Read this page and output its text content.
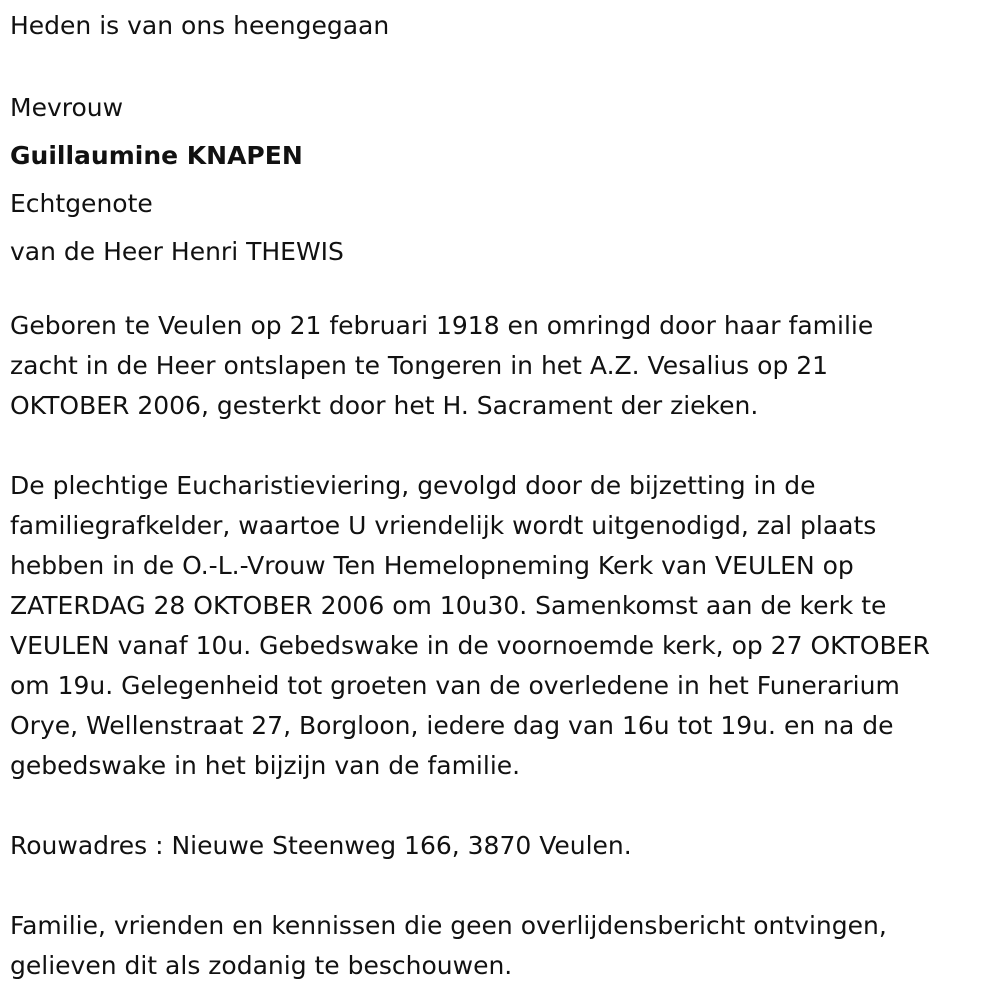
Heden is van ons heengegaan

Mevrouw

Guillaumine KNAPEN

Echtgenote

van de Heer Henri THEWIS

Geboren te Veulen op 21 februari 1918 en omringd door haar familie

zacht in de Heer ontslapen te Tongeren in het A.Z. Vesalius op 21

OKTOBER 2006, gesterkt door het H. Sacrament der zieken.

De plechtige Eucharistieviering, gevolgd door de bijzetting in de

familiegrafkelder, waartoe U vriendelijk wordt uitgenodigd, zal plaats

hebben in de O.-L.-Vrouw Ten Hemelopneming Kerk van VEULEN op

ZATERDAG 28 OKTOBER 2006 om 10u30. Samenkomst aan de kerk te

VEULEN vanaf 10u. Gebedswake in de voornoemde kerk, op 27 OKTOBER

om 19u. Gelegenheid tot groeten van de overledene in het Funerarium

Orye, Wellenstraat 27, Borgloon, iedere dag van 16u tot 19u. en na de

gebedswake in het bijzijn van de familie.

Rouwadres : Nieuwe Steenweg 166, 3870 Veulen.

Familie, vrienden en kennissen die geen overlijdensbericht ontvingen,

gelieven dit als zodanig te beschouwen.
